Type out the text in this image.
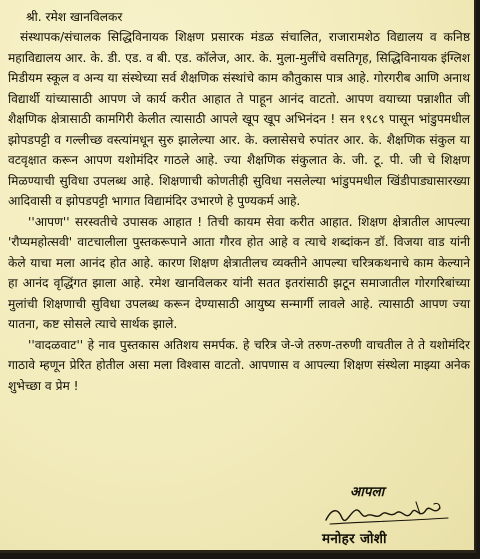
श्री. रमेश खानविलकर

संस्थापक/संचालक सिद्धिविनायक शिक्षण प्रसारक मंडळ संचालित, राजारामशेठ विद्यालय व कनिष्ठ महाविद्यालय आर. के. डी. एड. व बी. एड. कॉलेज, आर. के. मुला-मुलींचे वसतिगृह, सिद्धिविनायक इंग्लिश मिडीयम स्कूल व अन्य या संस्थेच्या सर्व शैक्षणिक संस्थांचे काम कौतुकास पात्र आहे. गोरगरीब आणि अनाथ विद्यार्थी यांच्यासाठी आपण जे कार्य करीत आहात ते पाहून आनंद वाटतो. आपण वयाच्या पन्नाशीत जी शैक्षणिक क्षेत्रासाठी कामगिरी केलीत त्यासाठी आपले खूप खूप अभिनंदन ! सन १९८९ पासून भांडुपमधील झोपडपट्टी व गल्लीच्छ वस्त्यांमधून सुरु झालेल्या आर. के. क्लासेसचे रुपांतर आर. के. शैक्षणिक संकुल या वटवृक्षात करून आपण यशोमंदिर गाठले आहे. ज्या शैक्षणिक संकुलात के. जी. टू. पी. जी चे शिक्षण मिळण्याची सुविधा उपलब्ध आहे. शिक्षणाची कोणतीही सुविधा नसलेल्या भांडुपमधील खिंडीपाड्यासारख्या आदिवासी व झोपडपट्टी भागात विद्यामंदिर उभारणे हे पुण्यकर्म आहे.

''आपण'' सरस्वतीचे उपासक आहात ! तिची कायम सेवा करीत आहात. शिक्षण क्षेत्रातील आपल्या 'रौप्यमहोत्सवी' वाटचालीला पुस्तकरूपाने आता गौरव होत आहे व त्याचे शब्दांकन डॉ. विजया वाड यांनी केले याचा मला आनंद होत आहे. कारण शिक्षण क्षेत्रातीलच व्यक्तीने आपल्या चरित्रकथनाचे काम केल्याने हा आनंद वृद्धिंगत झाला आहे. रमेश खानविलकर यांनी सतत इतरांसाठी झटून समाजातील गोरगरिबांच्या मुलांची शिक्षणाची सुविधा उपलब्ध करून देण्यासाठी आयुष्य सन्मार्गी लावले आहे. त्यासाठी आपण ज्या यातना, कष्ट सोसले त्याचे सार्थक झाले.

''वादळवाट'' हे नाव पुस्तकास अतिशय समर्पक. हे चरित्र जे-जे तरुण-तरुणी वाचतील ते ते यशोमंदिर गाठावे म्हणून प्रेरित होतील असा मला विश्वास वाटतो. आपणास व आपल्या शिक्षण संस्थेला माझ्या अनेक शुभेच्छा व प्रेम !

आपला
मनोहर जोशी
